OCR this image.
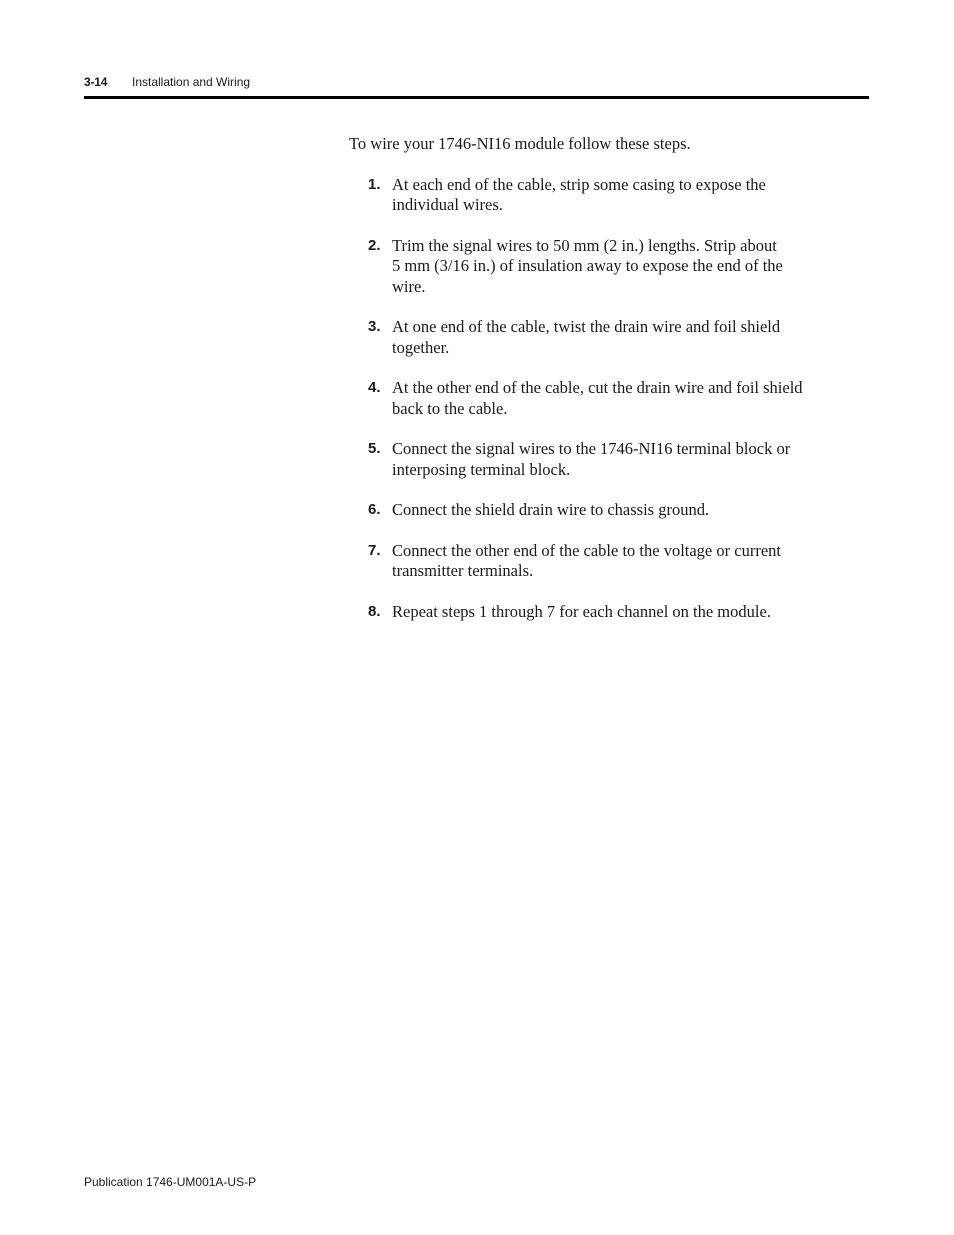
3-14 Installation and Wiring

To wire your 1746-NI16 module follow these steps.

1. At each end of the cable, strip some casing to expose the
individual wires.
2. Trim the signal wires to 50 mm (2 in.) lengths. Strip about
5 mm (3/16 in.) of insulation away to expose the end of the
wire.
3. At one end of the cable, twist the drain wire and foil shield
together.
4. At the other end of the cable, cut the drain wire and foil shield
back to the cable.
5. Connect the signal wires to the 1746-NI16 terminal block or
interposing terminal block.
6. Connect the shield drain wire to chassis ground.
7. Connect the other end of the cable to the voltage or current
transmitter terminals.
8. Repeat steps 1 through 7 for each channel on the module.
Publication 1746-UM001A-US-P
